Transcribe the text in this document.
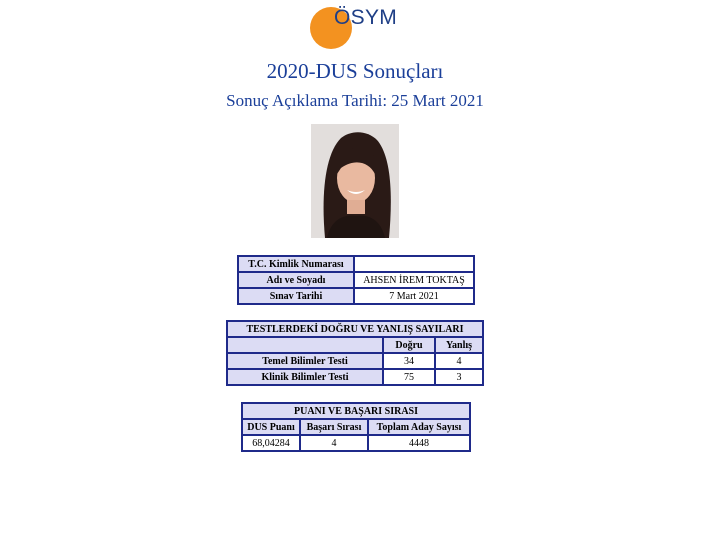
ÖSYM
2020-DUS Sonuçları
Sonuç Açıklama Tarihi: 25 Mart 2021
T.C. Kimlik Numarası	
Adı ve Soyadı	AHSEN İREM TOKTAŞ
Sınav Tarihi	7 Mart 2021
TESTLERDEKİ DOĞRU VE YANLIŞ SAYILARI		
	Doğru	Yanlış
Temel Bilimler Testi	34	4
Klinik Bilimler Testi	75	3
PUANI VE BAŞARI SIRASI		
DUS Puanı	Başarı Sırası	Toplam Aday Sayısı
68,04284	4	4448
